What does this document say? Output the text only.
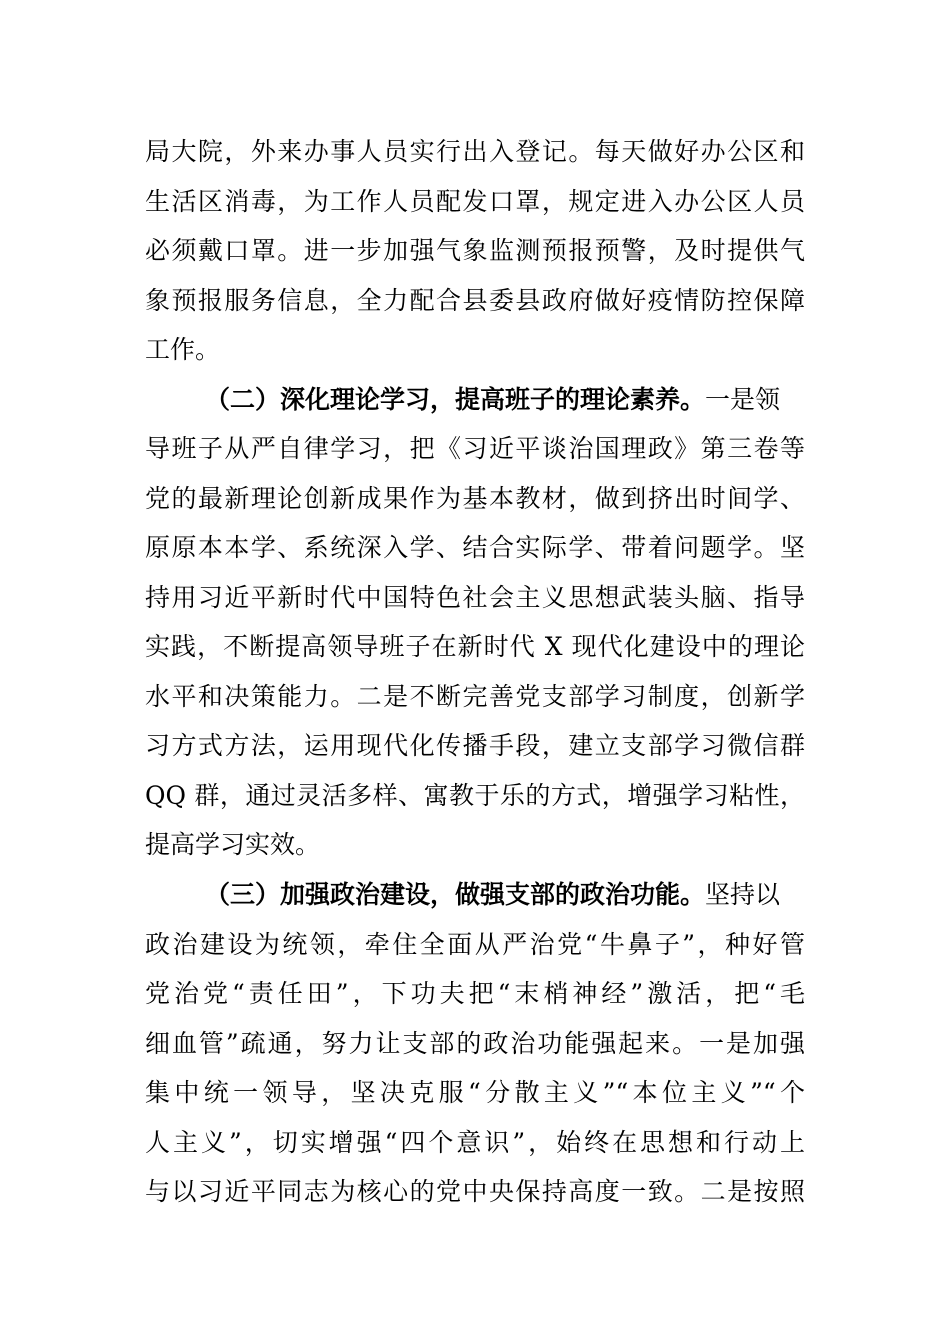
局大院，外来办事人员实行出入登记。每天做好办公区和
生活区消毒，为工作人员配发口罩，规定进入办公区人员
必须戴口罩。进一步加强气象监测预报预警，及时提供气
象预报服务信息，全力配合县委县政府做好疫情防控保障
工作。
（二）深化理论学习，提高班子的理论素养。一是领
导班子从严自律学习，把《习近平谈治国理政》第三卷等
党的最新理论创新成果作为基本教材，做到挤出时间学、
原原本本学、系统深入学、结合实际学、带着问题学。坚
持用习近平新时代中国特色社会主义思想武装头脑、指导
实践，不断提高领导班子在新时代 X 现代化建设中的理论
水平和决策能力。二是不断完善党支部学习制度，创新学
习方式方法，运用现代化传播手段，建立支部学习微信群
QQ 群，通过灵活多样、寓教于乐的方式，增强学习粘性，
提高学习实效。
（三）加强政治建设，做强支部的政治功能。坚持以
政治建设为统领，牵住全面从严治党“牛鼻子”，种好管
党治党“责任田”，下功夫把“末梢神经”激活，把“毛
细血管”疏通，努力让支部的政治功能强起来。一是加强
集中统一领导，坚决克服“分散主义”“本位主义”“个
人主义”，切实增强“四个意识”，始终在思想和行动上
与以习近平同志为核心的党中央保持高度一致。二是按照
